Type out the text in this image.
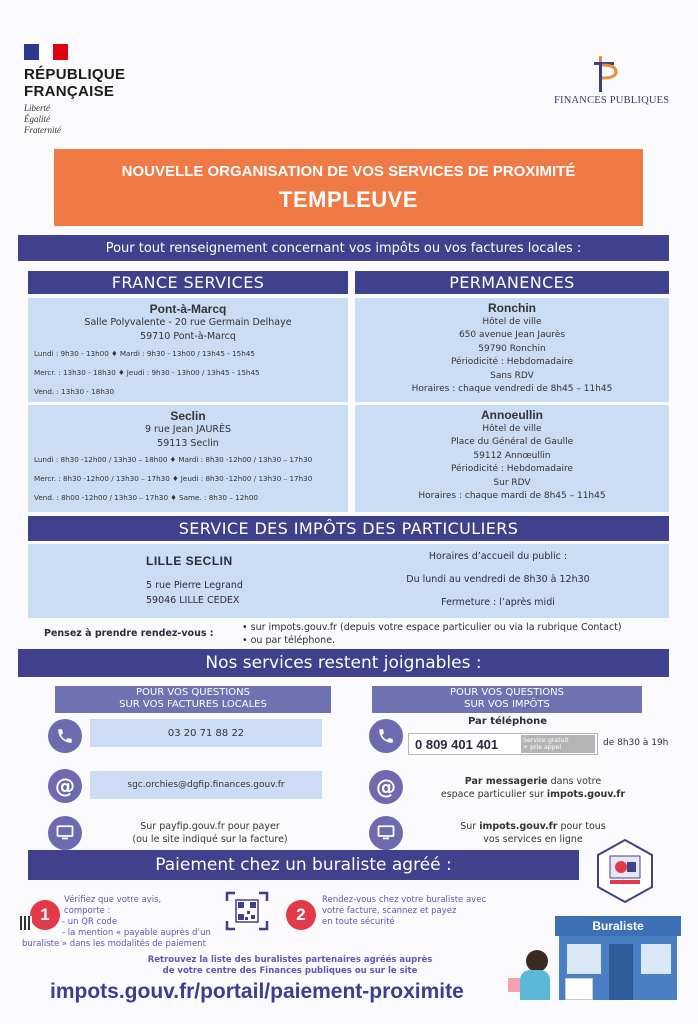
RÉPUBLIQUE
FRANÇAISE
Liberté
Égalité
Fraternité
FINANCES PUBLIQUES
NOUVELLE ORGANISATION DE VOS SERVICES DE PROXIMITÉ
TEMPLEUVE
Pour tout renseignement concernant vos impôts ou vos factures locales :
FRANCE SERVICES	PERMANENCES
Pont-à-Marcq
Salle Polyvalente - 20 rue Germain Delhaye
59710 Pont-à-Marcq
Lundi : 9h30 - 13h00 ♦ Mardi : 9h30 - 13h00 / 13h45 - 15h45
Mercr. : 13h30 - 18h30 ♦ Jeudi : 9h30 - 13h00 / 13h45 - 15h45
Vend. : 13h30 - 18h30
Seclin
9 rue Jean JAURÈS
59113 Seclin
Lundi : 8h30 -12h00 / 13h30 – 18h00 ♦ Mardi : 8h30 -12h00 / 13h30 – 17h30
Mercr. : 8h30 -12h00 / 13h30 – 17h30 ♦ Jeudi : 8h30 -12h00 / 13h30 – 17h30
Vend. : 8h00 -12h00 / 13h30 – 17h30 ♦ Same. : 8h30 – 12h00
Ronchin
Hôtel de ville
650 avenue Jean Jaurès
59790 Ronchin
Périodicité : Hebdomadaire
Sans RDV
Horaires : chaque vendredi de 8h45 – 11h45
Annoeullin
Hôtel de ville
Place du Général de Gaulle
59112 Annœullin
Périodicité : Hebdomadaire
Sur RDV
Horaires : chaque mardi de 8h45 – 11h45
SERVICE DES IMPÔTS DES PARTICULIERS
LILLE SECLIN
5 rue Pierre Legrand
59046 LILLE CEDEX
Horaires d’accueil du public :
Du lundi au vendredi de 8h30 à 12h30
Fermeture : l’après midi
Pensez à prendre rendez-vous :
• sur impots.gouv.fr (depuis votre espace particulier ou via la rubrique Contact)
• ou par téléphone.
Nos services restent joignables :
POUR VOS QUESTIONS
SUR VOS FACTURES LOCALES
POUR VOS QUESTIONS
SUR VOS IMPÔTS
03 20 71 88 22
@	sgc.orchies@dgfip.finances.gouv.fr
Sur payfip.gouv.fr pour payer
(ou le site indiqué sur la facture)
Par téléphone
0 809 401 401	Service gratuit
+ prix appel	de 8h30 à 19h
@	Par messagerie dans votre
espace particulier sur impots.gouv.fr
Sur impots.gouv.fr pour tous
vos services en ligne
Paiement chez un buraliste agréé :
1
Vérifiez que votre avis,
comporte :
- un QR code
- la mention « payable auprès d’un
buraliste » dans les modalités de paiement
2
Rendez-vous chez votre buraliste avec
votre facture, scannez et payez
en toute sécurité
Retrouvez la liste des buralistes partenaires agréés auprès
de votre centre des Finances publiques ou sur le site
impots.gouv.fr/portail/paiement-proximite
Buraliste
